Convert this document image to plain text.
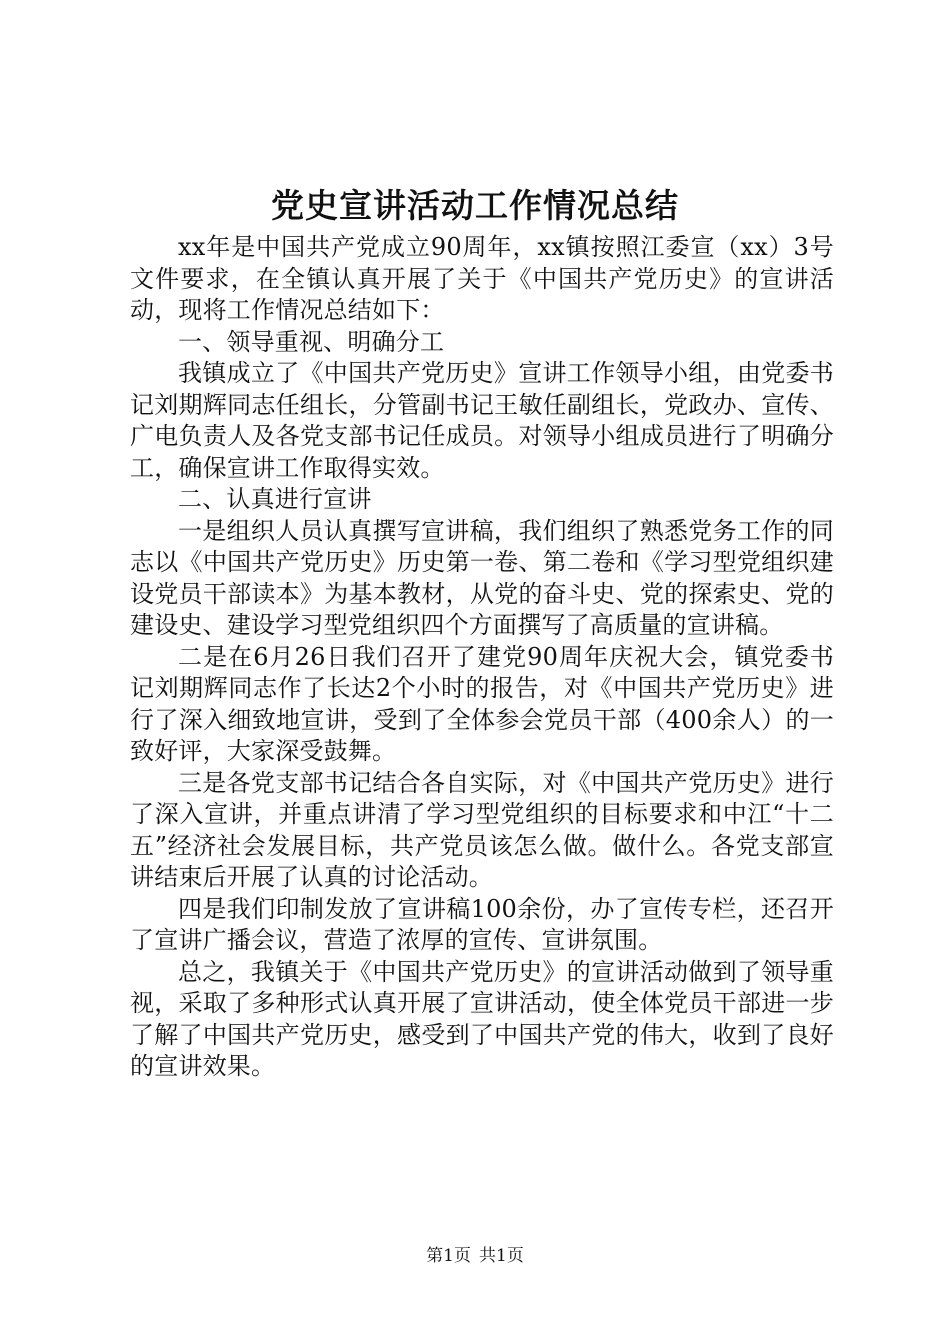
党史宣讲活动工作情况总结

xx年是中国共产党成立90周年，xx镇按照江委宣（xx）3号文件要求，在全镇认真开展了关于《中国共产党历史》的宣讲活动，现将工作情况总结如下：

一、领导重视、明确分工

我镇成立了《中国共产党历史》宣讲工作领导小组，由党委书记刘期辉同志任组长，分管副书记王敏任副组长，党政办、宣传、广电负责人及各党支部书记任成员。对领导小组成员进行了明确分工，确保宣讲工作取得实效。

二、认真进行宣讲

一是组织人员认真撰写宣讲稿，我们组织了熟悉党务工作的同志以《中国共产党历史》历史第一卷、第二卷和《学习型党组织建设党员干部读本》为基本教材，从党的奋斗史、党的探索史、党的建设史、建设学习型党组织四个方面撰写了高质量的宣讲稿。

二是在6月26日我们召开了建党90周年庆祝大会，镇党委书记刘期辉同志作了长达2个小时的报告，对《中国共产党历史》进行了深入细致地宣讲，受到了全体参会党员干部（400余人）的一致好评，大家深受鼓舞。

三是各党支部书记结合各自实际，对《中国共产党历史》进行了深入宣讲，并重点讲清了学习型党组织的目标要求和中江“十二五”经济社会发展目标，共产党员该怎么做。做什么。各党支部宣讲结束后开展了认真的讨论活动。

四是我们印制发放了宣讲稿100余份，办了宣传专栏，还召开了宣讲广播会议，营造了浓厚的宣传、宣讲氛围。

总之，我镇关于《中国共产党历史》的宣讲活动做到了领导重视，采取了多种形式认真开展了宣讲活动，使全体党员干部进一步了解了中国共产党历史，感受到了中国共产党的伟大，收到了良好的宣讲效果。

第1页 共1页
